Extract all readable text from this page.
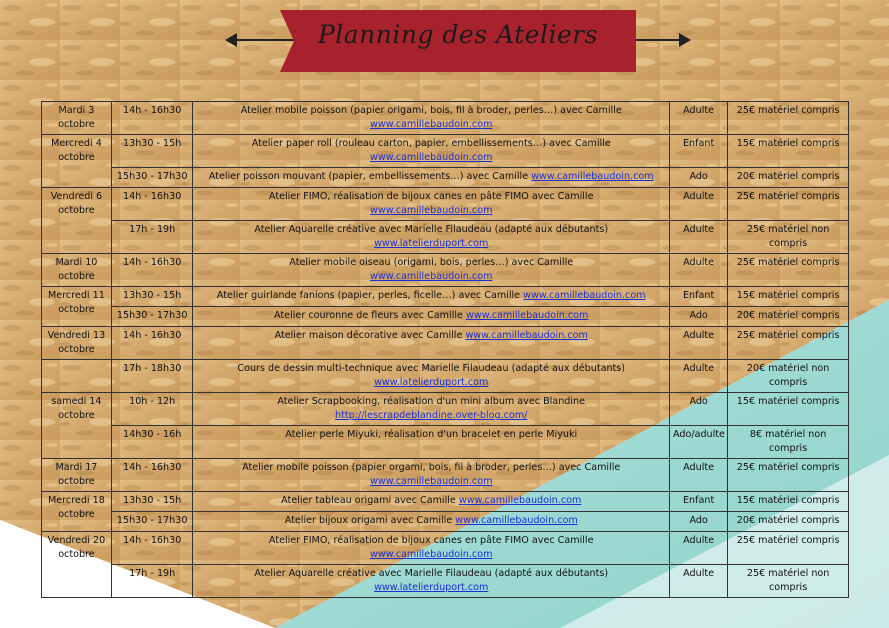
Planning des Ateliers
Mardi 3 octobre	14h - 16h30	Atelier mobile poisson (papier origami, bois, fil à broder, perles…) avec Camille
www.camillebaudoin.com	Adulte	25€ matériel compris
Mercredi 4 octobre	13h30 - 15h	Atelier paper roll (rouleau carton, papier, embellissements…) avec Camille
www.camillebaudoin.com	Enfant	15€ matériel compris
	15h30 - 17h30	Atelier poisson mouvant (papier, embellissements…) avec Camille www.camillebaudoin.com	Ado	20€ matériel compris
Vendredi 6 octobre	14h - 16h30	Atelier FIMO, réalisation de bijoux canes en pâte FIMO avec Camille
www.camillebaudoin.com	Adulte	25€ matériel compris
	17h - 19h	Atelier Aquarelle créative avec Marielle Filaudeau (adapté aux débutants)
www.latelierduport.com	Adulte	25€ matériel non compris
Mardi 10 octobre	14h - 16h30	Atelier mobile oiseau (origami, bois, perles…) avec Camille
www.camillebaudoin.com	Adulte	25€ matériel compris
Mercredi 11 octobre	13h30 - 15h	Atelier guirlande fanions (papier, perles, ficelle…) avec Camille www.camillebaudoin.com	Enfant	15€ matériel compris
	15h30 - 17h30	Atelier couronne de fleurs avec Camille www.camillebaudoin.com	Ado	20€ matériel compris
Vendredi 13 octobre	14h - 16h30	Atelier maison décorative avec Camille www.camillebaudoin.com	Adulte	25€ matériel compris
	17h - 18h30	Cours de dessin multi-technique avec Marielle Filaudeau (adapté aux débutants)
www.latelierduport.com	Adulte	20€ matériel non compris
samedi 14 octobre	10h - 12h	Atelier Scrapbooking, réalisation d'un mini album avec Blandine
http://lescrapdeblandine.over-blog.com/	Ado	15€ matériel compris
	14h30 - 16h	Atelier perle Miyuki, réalisation d'un bracelet en perle Miyuki	Ado/adulte	8€ matériel non compris
Mardi 17 octobre	14h - 16h30	Atelier mobile poisson (papier orgami, bois, fil à broder, perles…) avec Camille
www.camillebaudoin.com	Adulte	25€ matériel compris
Mercredi 18 octobre	13h30 - 15h	Atelier tableau origami avec Camille www.camillebaudoin.com	Enfant	15€ matériel compris
	15h30 - 17h30	Atelier bijoux origami avec Camille www.camillebaudoin.com	Ado	20€ matériel compris
Vendredi 20 octobre	14h - 16h30	Atelier FIMO, réalisation de bijoux canes en pâte FIMO avec Camille
www.camillebaudoin.com	Adulte	25€ matériel compris
	17h - 19h	Atelier Aquarelle créative avec Marielle Filaudeau (adapté aux débutants)
www.latelierduport.com	Adulte	25€ matériel non compris
